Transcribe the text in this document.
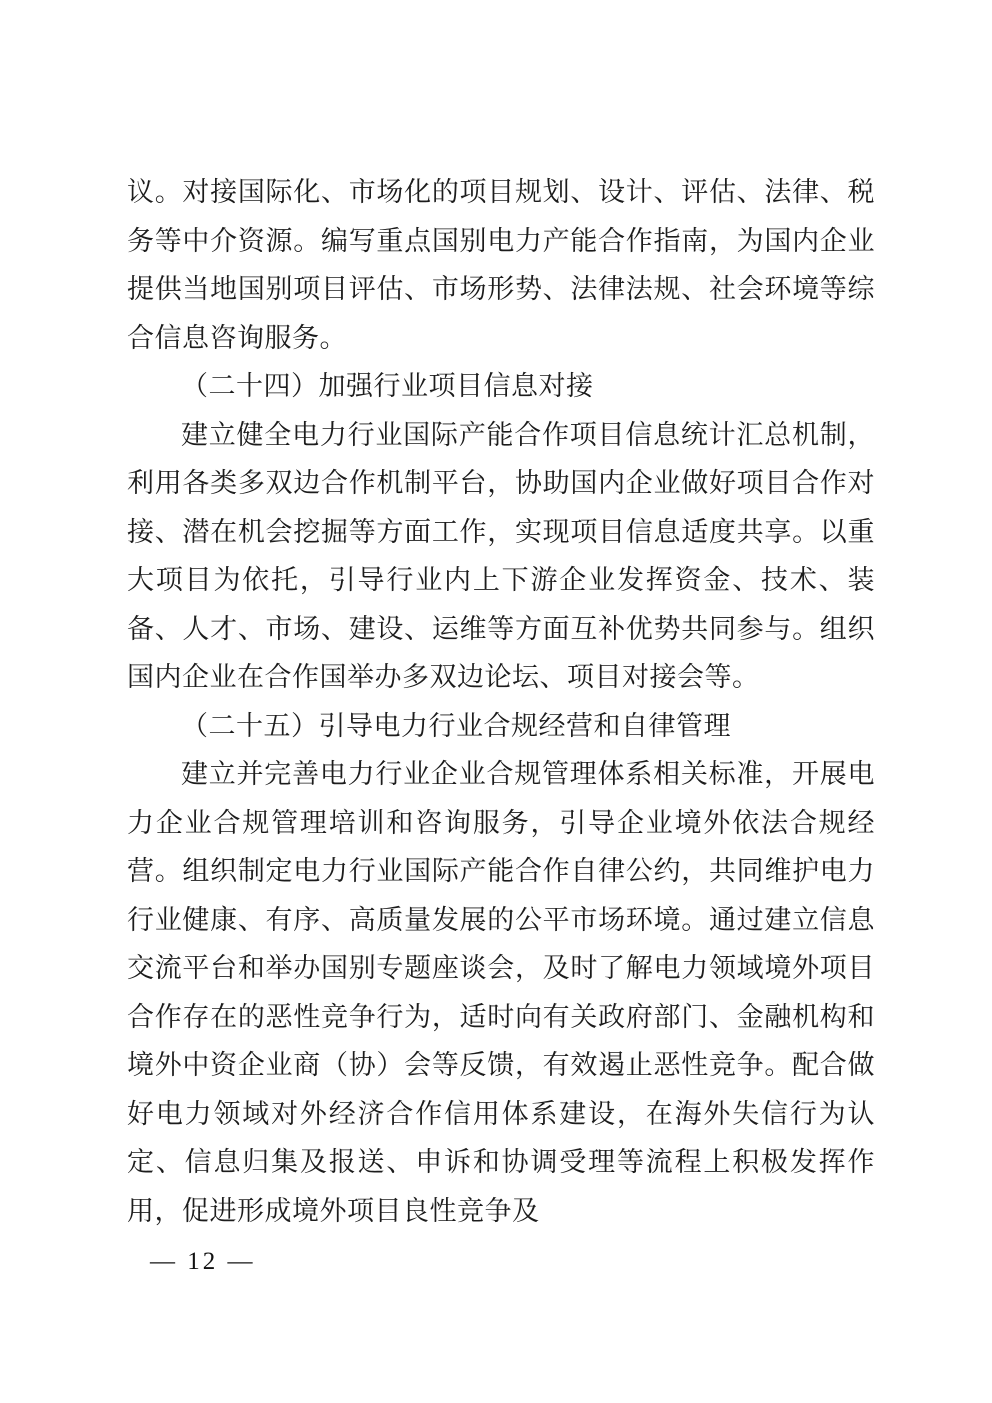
议。对接国际化、市场化的项目规划、设计、评估、法律、税务等中介资源。编写重点国别电力产能合作指南，为国内企业提供当地国别项目评估、市场形势、法律法规、社会环境等综合信息咨询服务。

（二十四）加强行业项目信息对接

建立健全电力行业国际产能合作项目信息统计汇总机制，利用各类多双边合作机制平台，协助国内企业做好项目合作对接、潜在机会挖掘等方面工作，实现项目信息适度共享。以重大项目为依托，引导行业内上下游企业发挥资金、技术、装备、人才、市场、建设、运维等方面互补优势共同参与。组织国内企业在合作国举办多双边论坛、项目对接会等。

（二十五）引导电力行业合规经营和自律管理

建立并完善电力行业企业合规管理体系相关标准，开展电力企业合规管理培训和咨询服务，引导企业境外依法合规经营。组织制定电力行业国际产能合作自律公约，共同维护电力行业健康、有序、高质量发展的公平市场环境。通过建立信息交流平台和举办国别专题座谈会，及时了解电力领域境外项目合作存在的恶性竞争行为，适时向有关政府部门、金融机构和境外中资企业商（协）会等反馈，有效遏止恶性竞争。配合做好电力领域对外经济合作信用体系建设，在海外失信行为认定、信息归集及报送、申诉和协调受理等流程上积极发挥作用，促进形成境外项目良性竞争及

— 12 —
